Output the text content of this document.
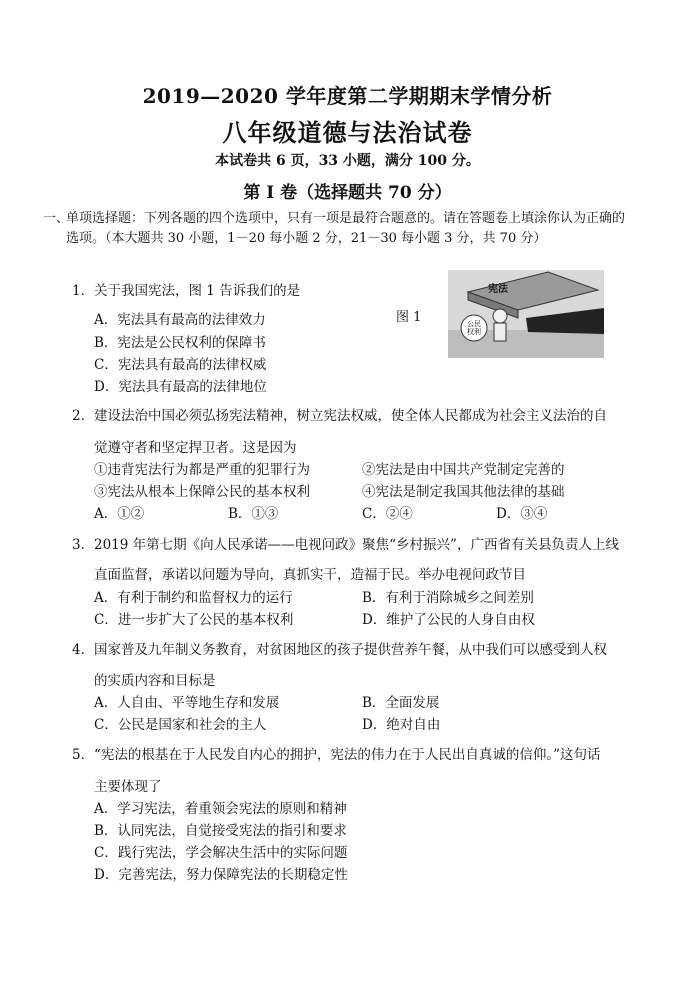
2019—2020 学年度第二学期期末学情分析
八年级道德与法治试卷
本试卷共 6 页，33 小题，满分 100 分。
第 I 卷（选择题共 70 分）
一、
单项选择题：下列各题的四个选项中，只有一项是最符合题意的。请在答题卷上填涂你认为正确的选项。（本大题共 30 小题，1－20 每小题 2 分，21－30 每小题 3 分，共 70 分）
1． 关于我国宪法，图 1 告诉我们的是
A．宪法具有最高的法律效力
B．宪法是公民权利的保障书
C．宪法具有最高的法律权威
D．宪法具有最高的法律地位
图 1
宪法
公民权利
2． 建设法治中国必须弘扬宪法精神，树立宪法权威，使全体人民都成为社会主义法治的自
觉遵守者和坚定捍卫者。这是因为
①违背宪法行为都是严重的犯罪行为	②宪法是由中国共产党制定完善的
③宪法从根本上保障公民的基本权利	④宪法是制定我国其他法律的基础
A．①②	B．①③	C．②④	D．③④
3． 2019 年第七期《向人民承诺——电视问政》聚焦“乡村振兴”，广西省有关县负责人上线
直面监督，承诺以问题为导向，真抓实干，造福于民。举办电视问政节目
A．有利于制约和监督权力的运行	B．有利于消除城乡之间差别
C．进一步扩大了公民的基本权利	D．维护了公民的人身自由权
4． 国家普及九年制义务教育，对贫困地区的孩子提供营养午餐，从中我们可以感受到人权
的实质内容和目标是
A．人自由、平等地生存和发展	B．全面发展
C．公民是国家和社会的主人	D．绝对自由
5． “宪法的根基在于人民发自内心的拥护，宪法的伟力在于人民出自真诚的信仰。”这句话
主要体现了
A．学习宪法，着重领会宪法的原则和精神
B．认同宪法，自觉接受宪法的指引和要求
C．践行宪法，学会解决生活中的实际问题
D．完善宪法，努力保障宪法的长期稳定性
